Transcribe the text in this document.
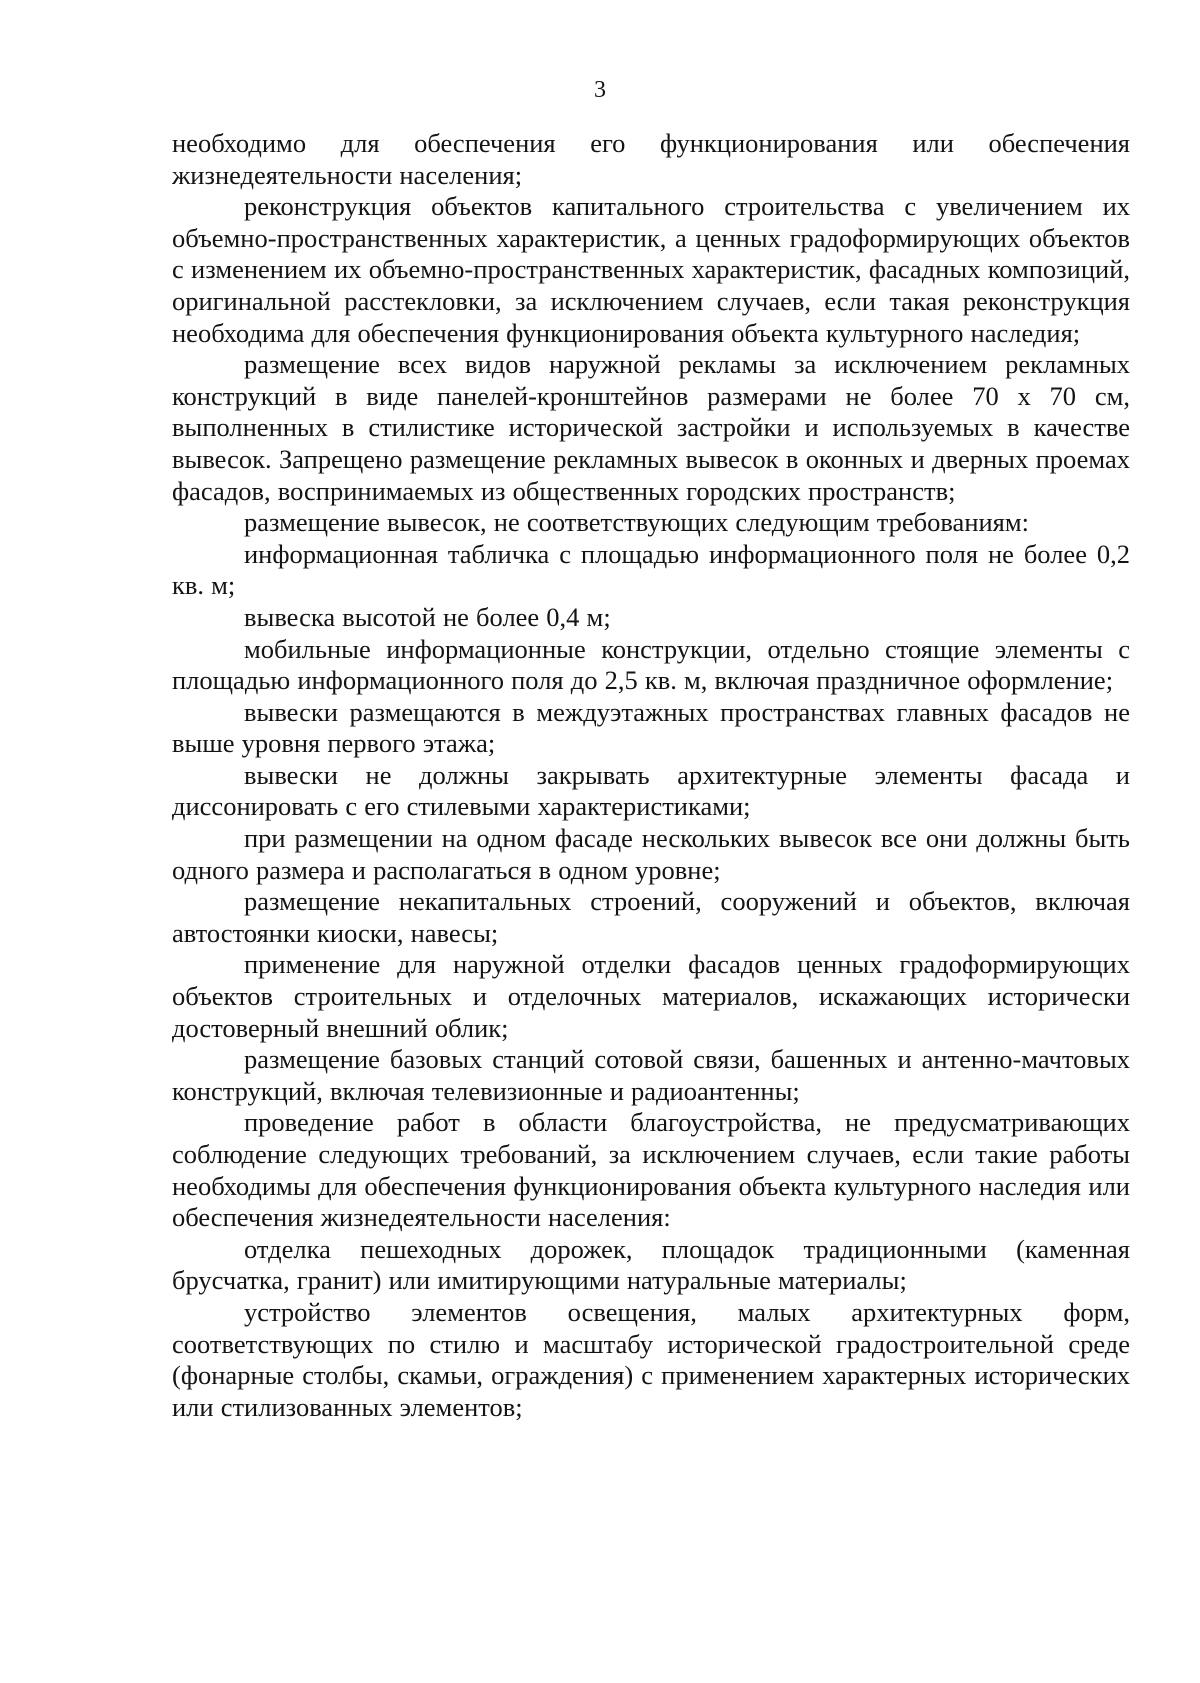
3

необходимо для обеспечения его функционирования или обеспечения жизнедеятельности населения;

реконструкция объектов капитального строительства с увеличением их объемно-пространственных характеристик, а ценных градоформирующих объектов с изменением их объемно-пространственных характеристик, фасадных композиций, оригинальной расстекловки, за исключением случаев, если такая реконструкция необходима для обеспечения функционирования объекта культурного наследия;

размещение всех видов наружной рекламы за исключением рекламных конструкций в виде панелей-кронштейнов размерами не более 70 x 70 см, выполненных в стилистике исторической застройки и используемых в качестве вывесок. Запрещено размещение рекламных вывесок в оконных и дверных проемах фасадов, воспринимаемых из общественных городских пространств;

размещение вывесок, не соответствующих следующим требованиям:

информационная табличка с площадью информационного поля не более 0,2 кв. м;

вывеска высотой не более 0,4 м;

мобильные информационные конструкции, отдельно стоящие элементы с площадью информационного поля до 2,5 кв. м, включая праздничное оформление;

вывески размещаются в междуэтажных пространствах главных фасадов не выше уровня первого этажа;

вывески не должны закрывать архитектурные элементы фасада и диссонировать с его стилевыми характеристиками;

при размещении на одном фасаде нескольких вывесок все они должны быть одного размера и располагаться в одном уровне;

размещение некапитальных строений, сооружений и объектов, включая автостоянки киоски, навесы;

применение для наружной отделки фасадов ценных градоформирующих объектов строительных и отделочных материалов, искажающих исторически достоверный внешний облик;

размещение базовых станций сотовой связи, башенных и антенно-мачтовых конструкций, включая телевизионные и радиоантенны;

проведение работ в области благоустройства, не предусматривающих соблюдение следующих требований, за исключением случаев, если такие работы необходимы для обеспечения функционирования объекта культурного наследия или обеспечения жизнедеятельности населения:

отделка пешеходных дорожек, площадок традиционными (каменная брусчатка, гранит) или имитирующими натуральные материалы;

устройство элементов освещения, малых архитектурных форм, соответствующих по стилю и масштабу исторической градостроительной среде (фонарные столбы, скамьи, ограждения) с применением характерных исторических или стилизованных элементов;
